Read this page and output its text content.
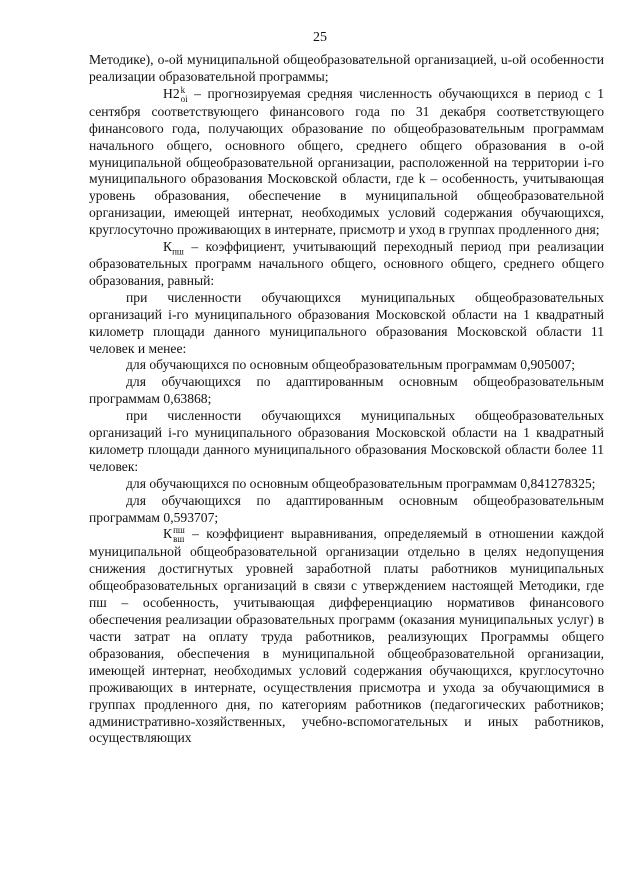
25

Методике), о-ой муниципальной общеобразовательной организацией, u-ой особенности реализации образовательной программы;

Н2 k
oi – прогнозируемая средняя численность обучающихся в период с 1 сентября соответствующего финансового года по 31 декабря соответствующего финансового года, получающих образование по общеобразовательным программам начального общего, основного общего, среднего общего образования в о-ой муниципальной общеобразовательной организации, расположенной на территории i-го муниципального образования Московской области, где k – особенность, учитывающая уровень образования, обеспечение в муниципальной общеобразовательной организации, имеющей интернат, необходимых условий содержания обучающихся, круглосуточно проживающих в интернате, присмотр и уход в группах продленного дня;

$К_{пш}$ – коэффициент, учитывающий переходный период при реализации образовательных программ начального общего, основного общего, среднего общего образования, равный:

при численности обучающихся муниципальных общеобразовательных организаций i-го муниципального образования Московской области на 1 квадратный километр площади данного муниципального образования Московской области 11 человек и менее:

для обучающихся по основным общеобразовательным программам 0,905007;

для обучающихся по адаптированным основным общеобразовательным программам 0,63868;

при численности обучающихся муниципальных общеобразовательных организаций i-го муниципального образования Московской области на 1 квадратный километр площади данного муниципального образования Московской области более 11 человек:

для обучающихся по основным общеобразовательным программам 0,841278325;

для обучающихся по адаптированным основным общеобразовательным программам 0,593707;

К пш
вш – коэффициент выравнивания, определяемый в отношении каждой муниципальной общеобразовательной организации отдельно в целях недопущения снижения достигнутых уровней заработной платы работников муниципальных общеобразовательных организаций в связи с утверждением настоящей Методики, где пш – особенность, учитывающая дифференциацию нормативов финансового обеспечения реализации образовательных программ (оказания муниципальных услуг) в части затрат на оплату труда работников, реализующих Программы общего образования, обеспечения в муниципальной общеобразовательной организации, имеющей интернат, необходимых условий содержания обучающихся, круглосуточно проживающих в интернате, осуществления присмотра и ухода за обучающимися в группах продленного дня, по категориям работников (педагогических работников; административно-хозяйственных, учебно-вспомогательных и иных работников, осуществляющих
